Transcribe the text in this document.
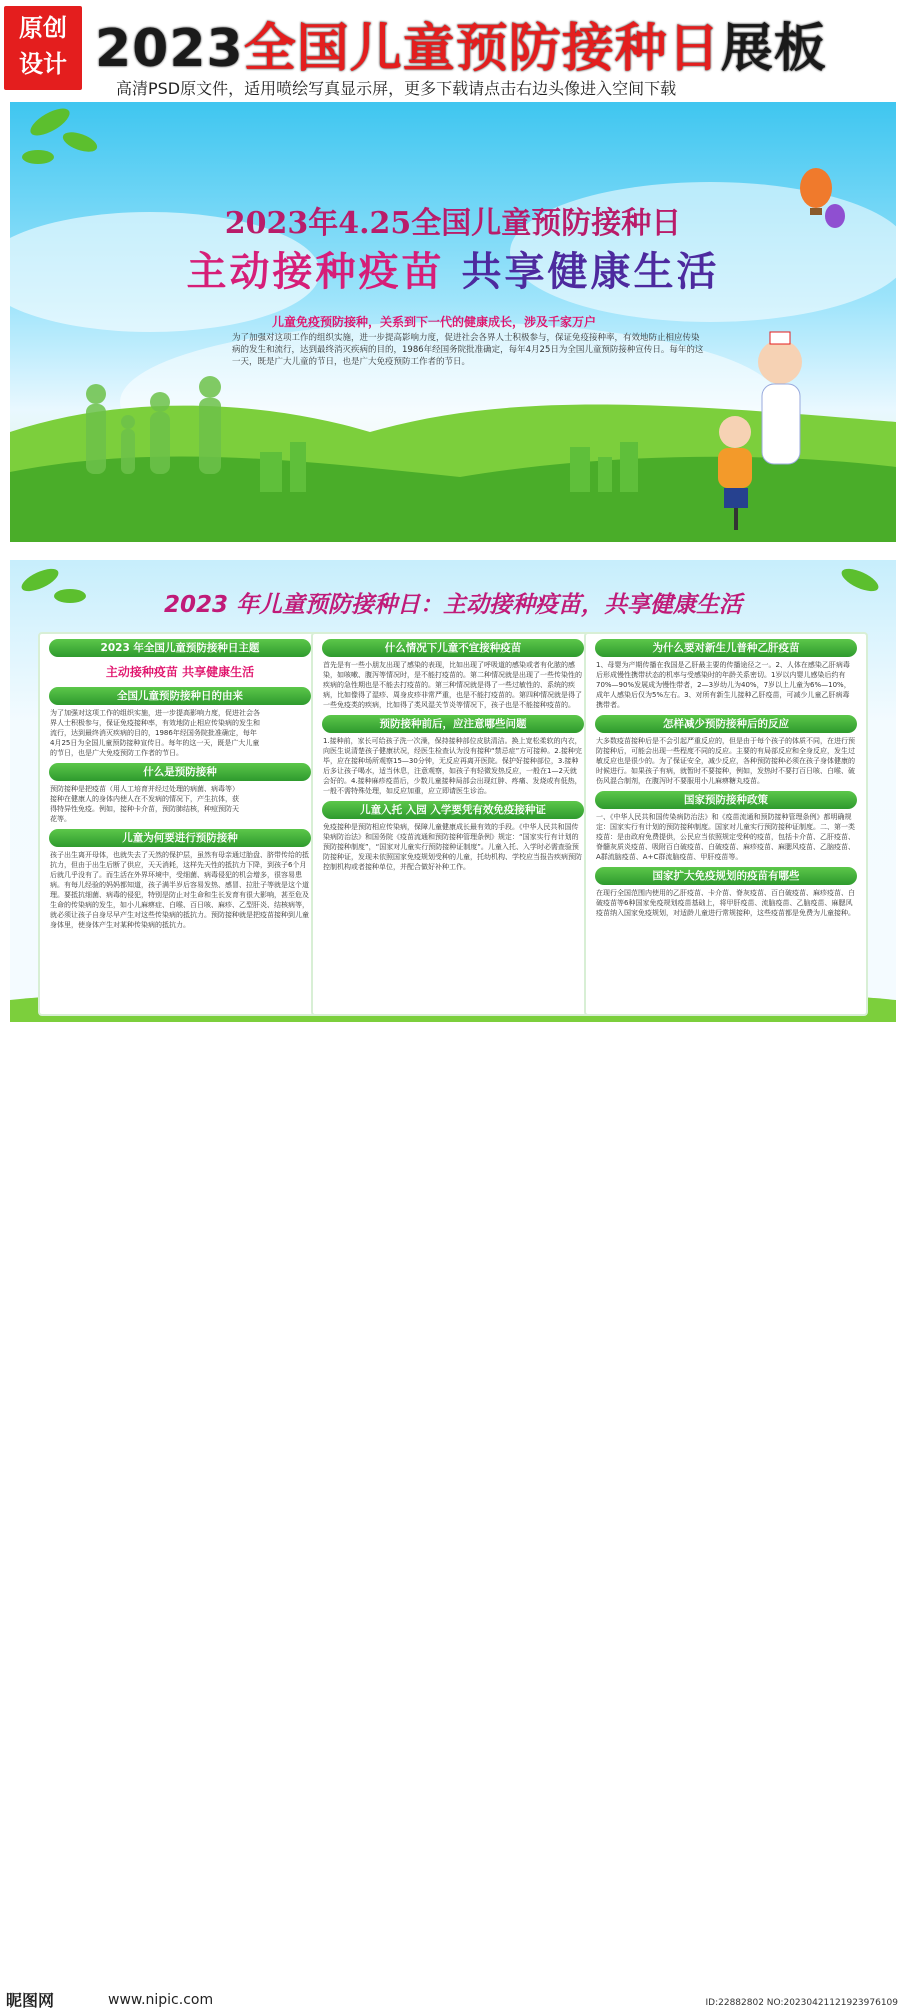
原创
设计 2023全国儿童预防接种日展板
高清PSD原文件，适用喷绘写真显示屏，更多下载请点击右边头像进入空间下载
2023年4.25全国儿童预防接种日
主动接种疫苗 共享健康生活
儿童免疫预防接种，关系到下一代的健康成长，涉及千家万户
为了加强对这项工作的组织实施，进一步提高影响力度，促进社会各界人士积极参与，保证免疫接种率，有效地防止相应传染病的发生和流行，达到最终消灭疾病的目的，1986年经国务院批准确定，每年4月25日为全国儿童预防接种宣传日。每年的这一天，既是广大儿童的节日，也是广大免疫预防工作者的节日。
2023 年儿童预防接种日：主动接种疫苗，共享健康生活
2023 年全国儿童预防接种日主题
主动接种疫苗 共享健康生活
全国儿童预防接种日的由来
为了加强对这项工作的组织实施，进一步提高影响力度，促进社会各界人士积极参与，保证免疫接种率，有效地防止相应传染病的发生和流行，达到最终消灭疾病的目的，1986年经国务院批准确定，每年4月25日为全国儿童预防接种宣传日。每年的这一天，既是广大儿童的节日，也是广大免疫预防工作者的节日。
什么是预防接种
预防接种是把疫苗（用人工培育并经过处理的病菌、病毒等）接种在健康人的身体内使人在不发病的情况下，产生抗体，获得特异性免疫。例如，接种卡介苗，预防肺结核，种痘预防天花等。
儿童为何要进行预防接种
孩子出生离开母体，也就失去了天然的保护层，虽然有母亲通过胎盘、脐带传给的抵抗力，但由于出生后断了供应，天天消耗，这样先天性的抵抗力下降，到孩子6个月后就几乎没有了。而生活在外界环境中，受细菌、病毒侵犯的机会增多，很容易患病。有每儿经验的妈妈都知道，孩子满半岁后容易发热、感冒、拉肚子等就是这个道理。要抵抗细菌、病毒的侵犯，特别是防止对生命和生长发育有很大影响，甚至危及生命的传染病的发生，如小儿麻痹症、白喉、百日咳、麻疹、乙型肝炎、结核病等，就必须让孩子自身尽早产生对这些传染病的抵抗力。预防接种就是把疫苗接种到儿童身体里，使身体产生对某种传染病的抵抗力。
什么情况下儿童不宜接种疫苗
首先是有一些小朋友出现了感染的表现，比如出现了呼吸道的感染或者有化脓的感染，如咳嗽、腹泻等情况时，是不能打疫苗的。第二种情况就是出现了一些传染性的疾病的急性期也是不能去打疫苗的。第三种情况就是得了一些过敏性的、系统的疾病，比如像得了湿疹、周身皮疹非常严重，也是不能打疫苗的。第四种情况就是得了一些免疫类的疾病，比如得了类风湿关节炎等情况下，孩子也是不能接种疫苗的。
预防接种前后，应注意哪些问题
1.接种前，家长可给孩子洗一次澡，保持接种部位皮肤清洁。换上宽松柔软的内衣，向医生说清楚孩子健康状况，经医生检查认为没有接种“禁忌症”方可接种。2.接种完毕，应在接种场所观察15—30分钟，无反应再离开医院。保护好接种部位，3.接种后多让孩子喝水，适当休息，注意观察，如孩子有轻微发热反应，一般在1—2天就会好的。4.接种麻疹疫苗后，少数儿童接种局部会出现红肿、疼痛、发烧或有低热，一般不需特殊处理，如反应加重，应立即请医生诊治。
儿童入托 入园 入学要凭有效免疫接种证
免疫接种是预防相应传染病，保障儿童健康成长最有效的手段。《中华人民共和国传染病防治法》和国务院《疫苗流通和预防接种管理条例》规定：“国家实行有计划的预防接种制度”，“国家对儿童实行预防接种证制度”。儿童入托、入学时必需查验预防接种证，发现未依照国家免疫规划受种的儿童，托幼机构、学校应当报告疾病预防控制机构或者接种单位，并配合做好补种工作。
为什么要对新生儿普种乙肝疫苗
1、母婴为产期传播在我国是乙肝最主要的传播途径之一。2、人体在感染乙肝病毒后形成慢性携带状态的机率与受感染时的年龄关系密切。1岁以内婴儿感染后约有70%—90%发展成为慢性带者，2—3岁幼儿为40%，7岁以上儿童为6%—10%，成年人感染后仅为5%左右。3、对所有新生儿接种乙肝疫苗，可减少儿童乙肝病毒携带者。
怎样减少预防接种后的反应
大多数疫苗接种后是不会引起严重反应的，但是由于每个孩子的体质不同，在进行预防接种后，可能会出现一些程度不同的反应。主要的有局部反应和全身反应，发生过敏反应也是很少的。为了保证安全，减少反应，各种预防接种必须在孩子身体健康的时候进行。如果孩子有病，就暂时不要接种，例如，发热时不要打百日咳、白喉、破伤风混合制剂，在腹泻时不要服用小儿麻痹糖丸疫苗。
国家预防接种政策
一、《中华人民共和国传染病防治法》和《疫苗流通和预防接种管理条例》都明确规定：国家实行有计划的预防接种制度。国家对儿童实行预防接种证制度。二、第一类疫苗：是由政府免费提供，公民应当依照规定受种的疫苗，包括卡介苗、乙肝疫苗、脊髓灰质炎疫苗、吸附百白破疫苗、白破疫苗、麻疹疫苗、麻腮风疫苗、乙脑疫苗、A群流脑疫苗、A+C群流脑疫苗、甲肝疫苗等。
国家扩大免疫规划的疫苗有哪些
在现行全国范围内使用的乙肝疫苗、卡介苗、脊灰疫苗、百白破疫苗、麻疹疫苗、白破疫苗等6种国家免疫规划疫苗基础上，将甲肝疫苗、流脑疫苗、乙脑疫苗、麻腮风疫苗纳入国家免疫规划，对适龄儿童进行常规接种，这些疫苗都是免费为儿童接种。
昵图网	www.nipic.com	ID:22882802 NO:20230421121923976109
